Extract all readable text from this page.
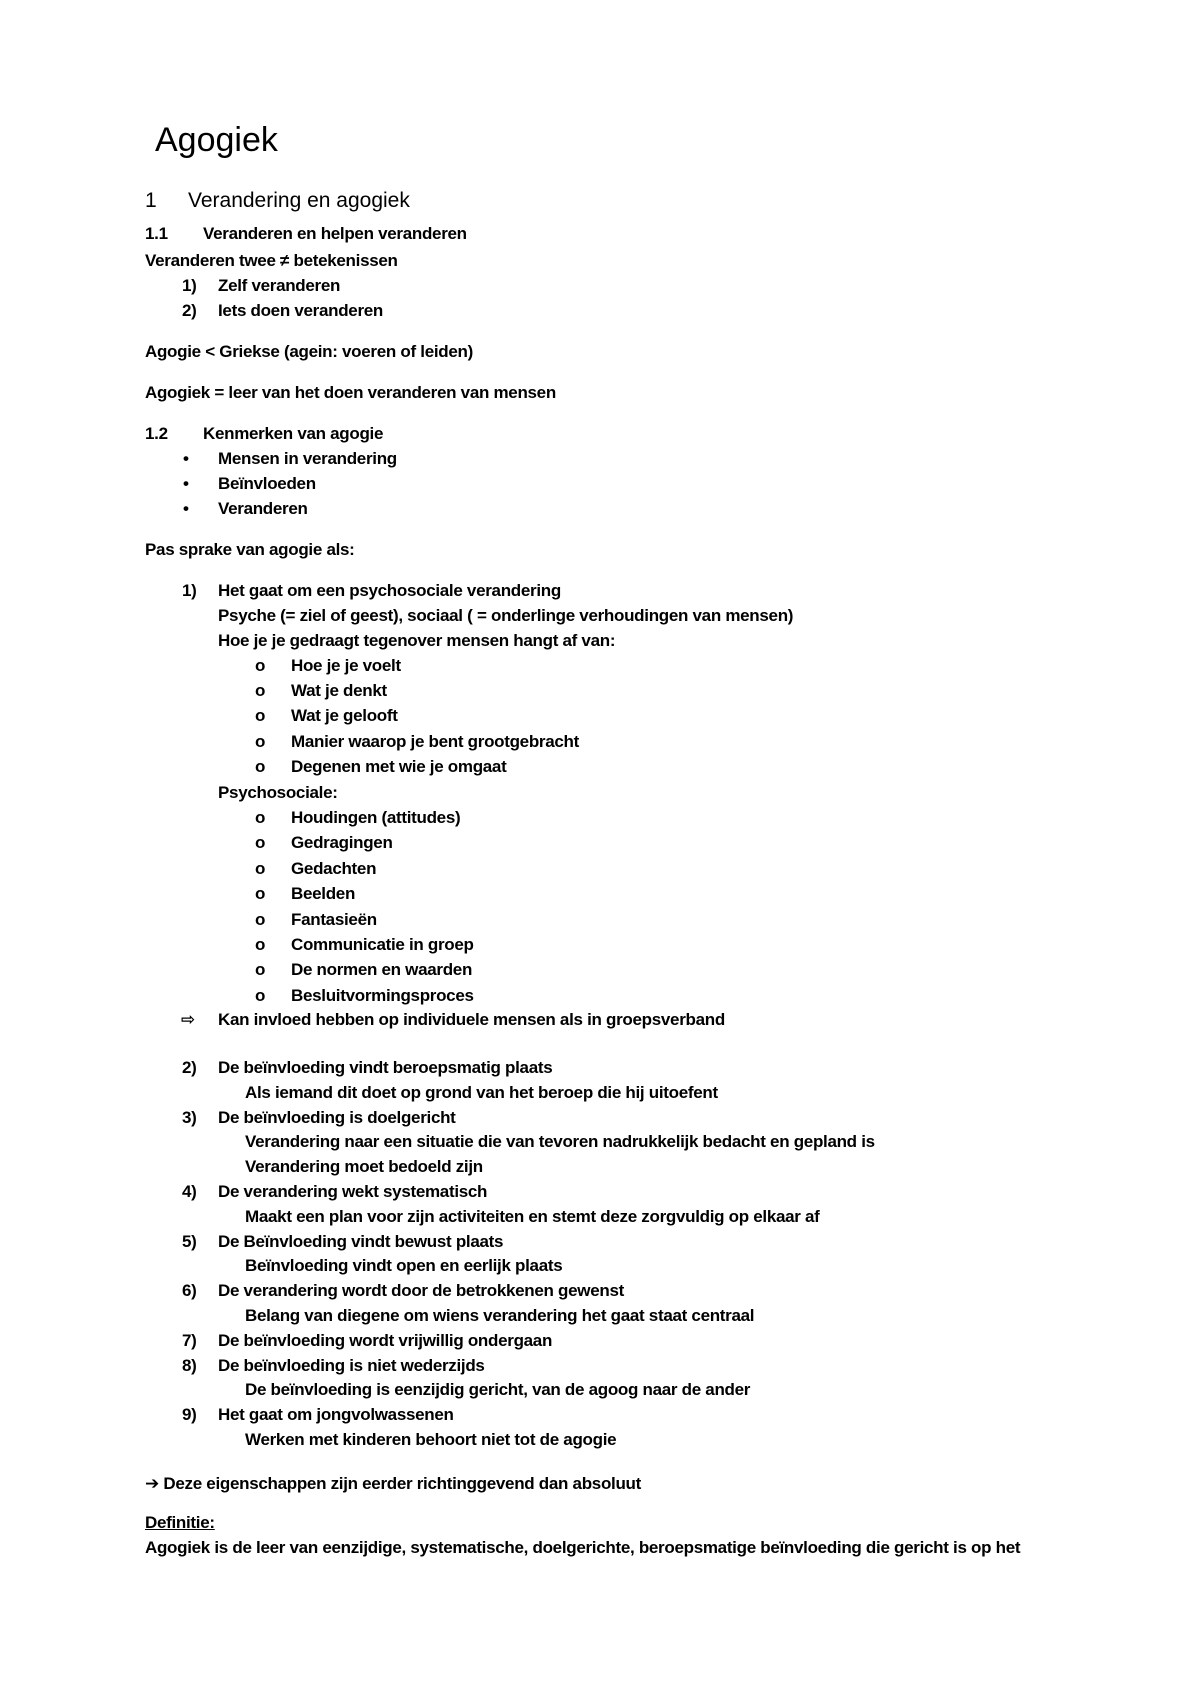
Agogiek
1 Verandering en agogiek
1.1 Veranderen en helpen veranderen
Veranderen twee ≠ betekenissen
1) Zelf veranderen
2) Iets doen veranderen
Agogie < Griekse (agein: voeren of leiden)
Agogiek = leer van het doen veranderen van mensen
1.2 Kenmerken van agogie
• Mensen in verandering
• Beïnvloeden
• Veranderen
Pas sprake van agogie als:
1) Het gaat om een psychosociale verandering
Psyche (= ziel of geest), sociaal ( = onderlinge verhoudingen van mensen)
Hoe je je gedraagt tegenover mensen hangt af van:
o Hoe je je voelt
o Wat je denkt
o Wat je gelooft
o Manier waarop je bent grootgebracht
o Degenen met wie je omgaat
Psychosociale:
o Houdingen (attitudes)
o Gedragingen
o Gedachten
o Beelden
o Fantasieën
o Communicatie in groep
o De normen en waarden
o Besluitvormingsproces
⇨ Kan invloed hebben op individuele mensen als in groepsverband
2) De beïnvloeding vindt beroepsmatig plaats
Als iemand dit doet op grond van het beroep die hij uitoefent
3) De beïnvloeding is doelgericht
Verandering naar een situatie die van tevoren nadrukkelijk bedacht en gepland is
Verandering moet bedoeld zijn
4) De verandering wekt systematisch
Maakt een plan voor zijn activiteiten en stemt deze zorgvuldig op elkaar af
5) De Beïnvloeding vindt bewust plaats
Beïnvloeding vindt open en eerlijk plaats
6) De verandering wordt door de betrokkenen gewenst
Belang van diegene om wiens verandering het gaat staat centraal
7) De beïnvloeding wordt vrijwillig ondergaan
8) De beïnvloeding is niet wederzijds
De beïnvloeding is eenzijdig gericht, van de agoog naar de ander
9) Het gaat om jongvolwassenen
Werken met kinderen behoort niet tot de agogie
➔ Deze eigenschappen zijn eerder richtinggevend dan absoluut
Definitie:
Agogiek is de leer van eenzijdige, systematische, doelgerichte, beroepsmatige beïnvloeding die gericht is op het
